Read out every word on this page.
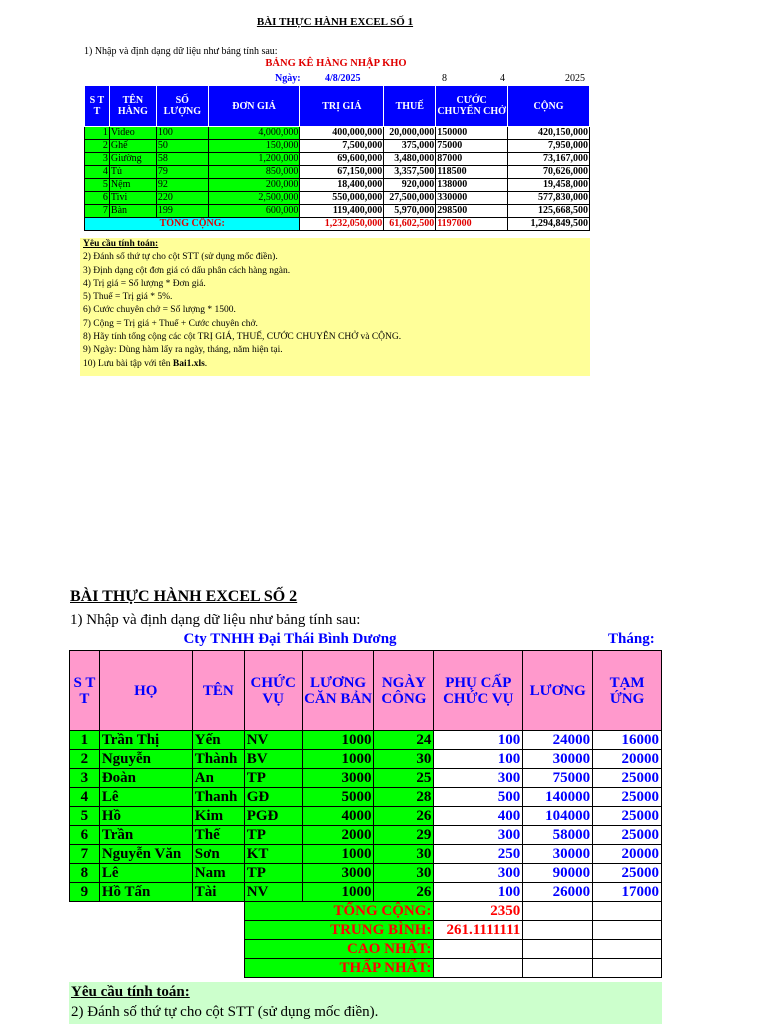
BÀI THỰC HÀNH EXCEL SỐ 1
1) Nhập và định dạng dữ liệu như bảng tính sau:
BẢNG KÊ HÀNG NHẬP KHO
Ngày: 4/8/2025	8	4	2025
S T T	TÊN HÀNG	SỐ LƯỢNG	ĐƠN GIÁ	TRỊ GIÁ	THUẾ	CƯỚC CHUYỂN CHỞ	CỘNG
1	Video	100	4,000,000	400,000,000	20,000,000	150000	420,150,000
2	Ghế	50	150,000	7,500,000	375,000	75000	7,950,000
3	Giường	58	1,200,000	69,600,000	3,480,000	87000	73,167,000
4	Tủ	79	850,000	67,150,000	3,357,500	118500	70,626,000
5	Nệm	92	200,000	18,400,000	920,000	138000	19,458,000
6	Tivi	220	2,500,000	550,000,000	27,500,000	330000	577,830,000
7	Bàn	199	600,000	119,400,000	5,970,000	298500	125,668,500
TỔNG CỘNG:				1,232,050,000	61,602,500	1197000	1,294,849,500
Yêu cầu tính toán:
2) Đánh số thứ tự cho cột STT (sử dụng mốc điền).
3) Định dạng cột đơn giá có dấu phân cách hàng ngàn.
4) Trị giá = Số lượng * Đơn giá.
5) Thuế = Trị giá * 5%.
6) Cước chuyên chở = Số lượng * 1500.
7) Cộng = Trị giá + Thuế + Cước chuyên chở.
8) Hãy tính tổng cộng các cột TRỊ GIÁ, THUẾ, CƯỚC CHUYÊN CHỞ và CỘNG.
9) Ngày: Dùng hàm lấy ra ngày, tháng, năm hiện tại.
10) Lưu bài tập với tên Bai1.xls.
BÀI THỰC HÀNH EXCEL SỐ 2
1) Nhập và định dạng dữ liệu như bảng tính sau:
Cty TNHH Đại Thái Bình Dương	Tháng:
S T T	HỌ	TÊN	CHỨC VỤ	LƯƠNG CĂN BẢN	NGÀY CÔNG	PHỤ CẤP CHỨC VỤ	LƯƠNG	TẠM ỨNG
1	Trần Thị	Yến	NV	1000	24	100	24000	16000
2	Nguyễn	Thành	BV	1000	30	100	30000	20000
3	Đoàn	An	TP	3000	25	300	75000	25000
4	Lê	Thanh	GĐ	5000	28	500	140000	25000
5	Hồ	Kim	PGĐ	4000	26	400	104000	25000
6	Trần	Thế	TP	2000	29	300	58000	25000
7	Nguyễn Văn	Sơn	KT	1000	30	250	30000	20000
8	Lê	Nam	TP	3000	30	300	90000	25000
9	Hồ Tấn	Tài	NV	1000	26	100	26000	17000
			TỔNG CỘNG:			2350		
			TRUNG BÌNH:			261.1111111		
			CAO NHẤT:					
			THẤP NHẤT:					
Yêu cầu tính toán:
2) Đánh số thứ tự cho cột STT (sử dụng mốc điền).
